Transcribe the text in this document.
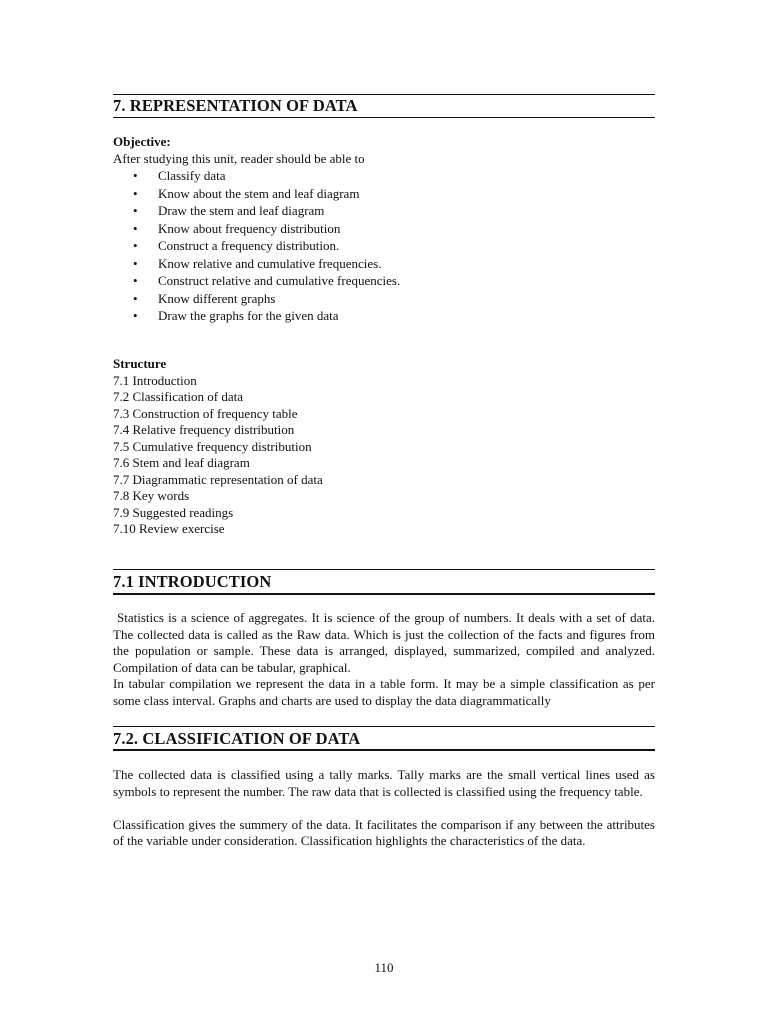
7. REPRESENTATION OF DATA
Objective:
After studying this unit, reader should be able to
• Classify data
• Know about the stem and leaf diagram
• Draw the stem and leaf diagram
• Know about frequency distribution
• Construct a frequency distribution.
• Know relative and cumulative frequencies.
• Construct relative and cumulative frequencies.
• Know different graphs
• Draw the graphs for the given data
Structure
7.1 Introduction
7.2 Classification of data
7.3 Construction of frequency table
7.4 Relative frequency distribution
7.5 Cumulative frequency distribution
7.6 Stem and leaf diagram
7.7 Diagrammatic representation of data
7.8 Key words
7.9 Suggested readings
7.10 Review exercise
7.1 INTRODUCTION

Statistics is a science of aggregates. It is science of the group of numbers. It deals with a set of data. The collected data is called as the Raw data. Which is just the collection of the facts and figures from the population or sample. These data is arranged, displayed, summarized, compiled and analyzed. Compilation of data can be tabular, graphical.

In tabular compilation we represent the data in a table form. It may be a simple classification as per some class interval. Graphs and charts are used to display the data diagrammatically

7.2. CLASSIFICATION OF DATA

The collected data is classified using a tally marks. Tally marks are the small vertical lines used as symbols to represent the number. The raw data that is collected is classified using the frequency table.

Classification gives the summery of the data. It facilitates the comparison if any between the attributes of the variable under consideration. Classification highlights the characteristics of the data.

110
